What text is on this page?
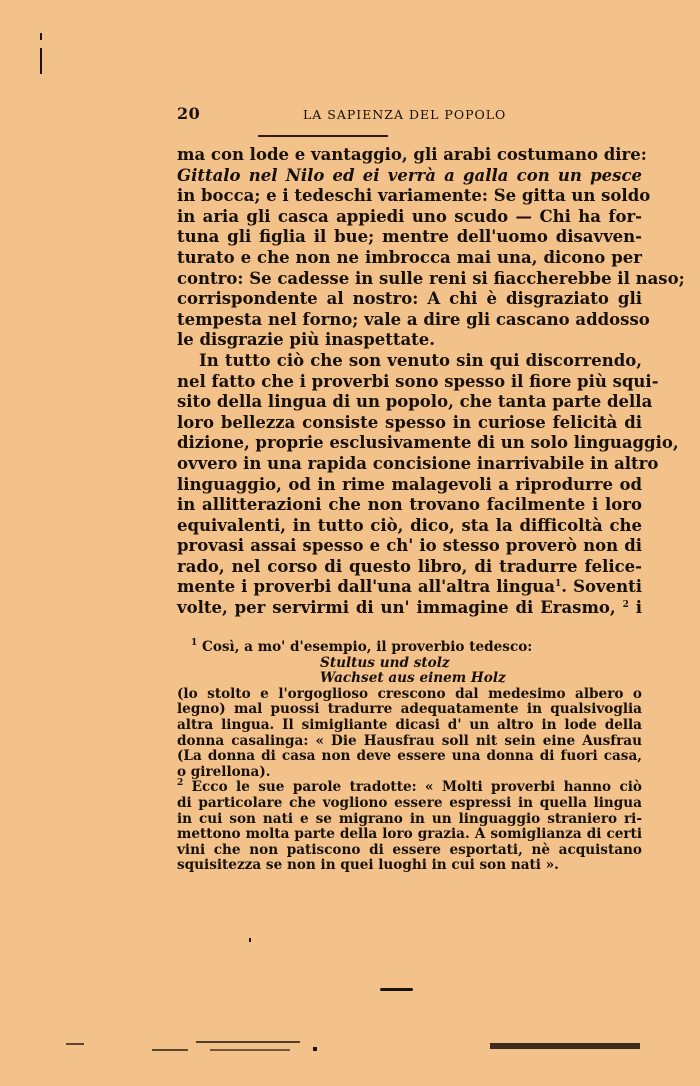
20	LA SAPIENZA DEL POPOLO
ma con lode e vantaggio, gli arabi costumano dire:
Gittalo nel Nilo ed ei verrà a galla con un pesce
in bocca; e i tedeschi variamente: Se gitta un soldo
in aria gli casca appiedi uno scudo — Chi ha for-
tuna gli figlia il bue; mentre dell'uomo disavven-
turato e che non ne imbrocca mai una, dicono per
contro: Se cadesse in sulle reni si fiaccherebbe il naso;
corrispondente al nostro: A chi è disgraziato gli
tempesta nel forno; vale a dire gli cascano addosso
le disgrazie più inaspettate.
In tutto ciò che son venuto sin qui discorrendo,
nel fatto che i proverbi sono spesso il fiore più squi-
sito della lingua di un popolo, che tanta parte della
loro bellezza consiste spesso in curiose felicità di
dizione, proprie esclusivamente di un solo linguaggio,
ovvero in una rapida concisione inarrivabile in altro
linguaggio, od in rime malagevoli a riprodurre od
in allitterazioni che non trovano facilmente i loro
equivalenti, in tutto ciò, dico, sta la difficoltà che
provasi assai spesso e ch' io stesso proverò non di
rado, nel corso di questo libro, di tradurre felice-
mente i proverbi dall'una all'altra lingua$^1$. Soventi
volte, per servirmi di un' immagine di Erasmo, $^2$ i
$^1$ Così, a mo' d'esempio, il proverbio tedesco:
Stultus und stolz
Wachset aus einem Holz
(lo stolto e l'orgoglioso crescono dal medesimo albero o
legno) mal puossi tradurre adequatamente in qualsivoglia
altra lingua. Il simigliante dicasi d' un altro in lode della
donna casalinga: « Die Hausfrau soll nit sein eine Ausfrau
(La donna di casa non deve essere una donna di fuori casa,
o girellona).
$^2$ Ecco le sue parole tradotte: « Molti proverbi hanno ciò
di particolare che vogliono essere espressi in quella lingua
in cui son nati e se migrano in un linguaggio straniero ri-
mettono molta parte della loro grazia. A somiglianza di certi
vini che non patiscono di essere esportati, nè acquistano
squisitezza se non in quei luoghi in cui son nati ».
